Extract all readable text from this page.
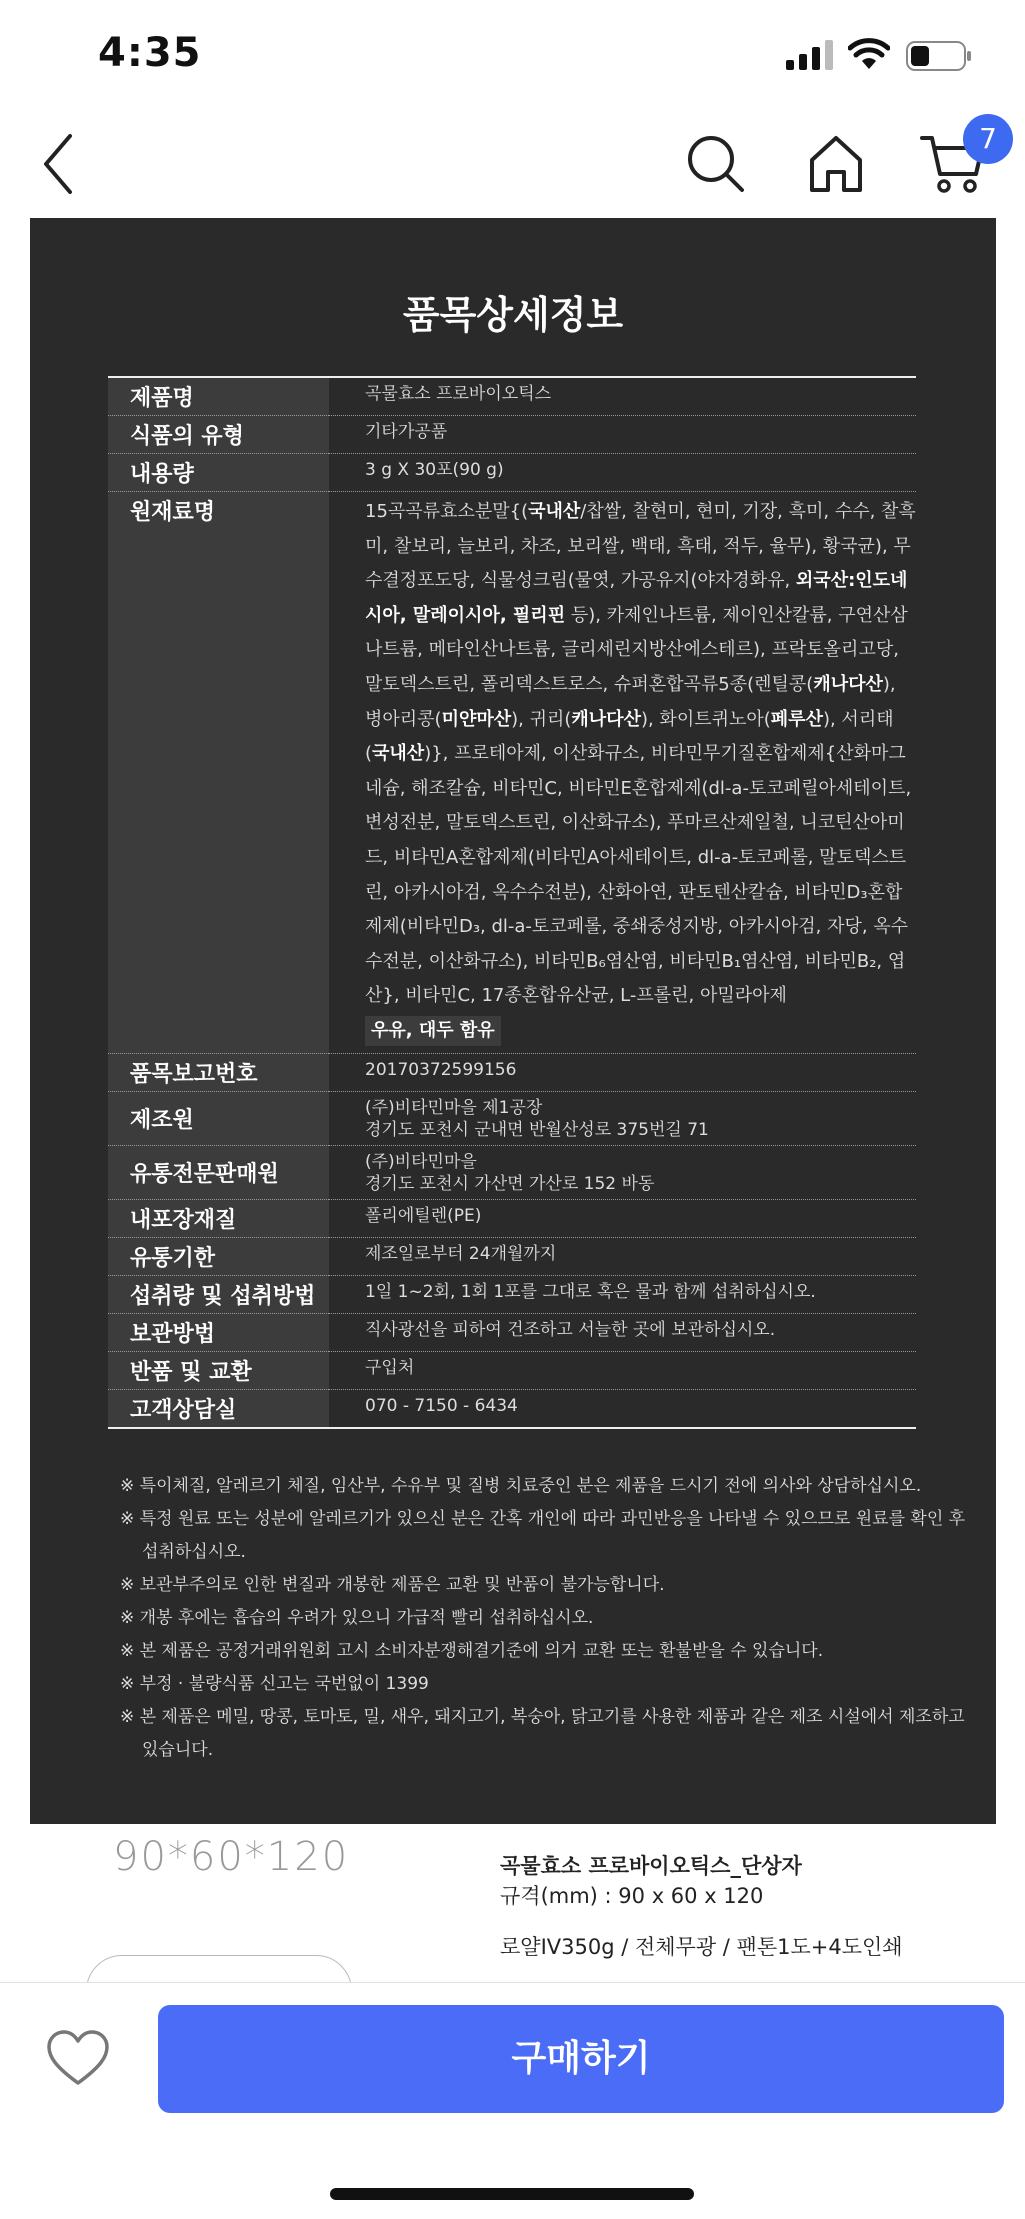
4:35
7
품목상세정보
제품명	곡물효소 프로바이오틱스
식품의 유형	기타가공품
내용량	3 g X 30포(90 g)
원재료명	15곡곡류효소분말{(국내산/찹쌀, 찰현미, 현미, 기장, 흑미, 수수, 찰흑미, 찰보리, 늘보리, 차조, 보리쌀, 백태, 흑태, 적두, 율무), 황국균), 무수결정포도당, 식물성크림(물엿, 가공유지(야자경화유, 외국산:인도네시아, 말레이시아, 필리핀 등), 카제인나트륨, 제이인산칼륨, 구연산삼나트륨, 메타인산나트륨, 글리세린지방산에스테르), 프락토올리고당, 말토덱스트린, 폴리덱스트로스, 슈퍼혼합곡류5종(렌틸콩(캐나다산), 병아리콩(미얀마산), 귀리(캐나다산), 화이트퀴노아(페루산), 서리태(국내산)}, 프로테아제, 이산화규소, 비타민무기질혼합제제{산화마그네슘, 해조칼슘, 비타민C, 비타민E혼합제제(dl-a-토코페릴아세테이트, 변성전분, 말토덱스트린, 이산화규소), 푸마르산제일철, 니코틴산아미드, 비타민A혼합제제(비타민A아세테이트, dl-a-토코페롤, 말토덱스트린, 아카시아검, 옥수수전분), 산화아연, 판토텐산칼슘, 비타민D₃혼합제제(비타민D₃, dl-a-토코페롤, 중쇄중성지방, 아카시아검, 자당, 옥수수전분, 이산화규소), 비타민B₆염산염, 비타민B₁염산염, 비타민B₂, 엽산}, 비타민C, 17종혼합유산균, L-프롤린, 아밀라아제
우유, 대두 함유
품목보고번호	20170372599156
제조원	(주)비타민마을 제1공장
경기도 포천시 군내면 반월산성로 375번길 71

유통전문판매원	(주)비타민마을
경기도 포천시 가산면 가산로 152 바동

내포장재질	폴리에틸렌(PE)
유통기한	제조일로부터 24개월까지
섭취량 및 섭취방법	1일 1~2회, 1회 1포를 그대로 혹은 물과 함께 섭취하십시오.
보관방법	직사광선을 피하여 건조하고 서늘한 곳에 보관하십시오.
반품 및 교환	구입처
고객상담실	070 - 7150 - 6434
※ 특이체질, 알레르기 체질, 임산부, 수유부 및 질병 치료중인 분은 제품을 드시기 전에 의사와 상담하십시오.
※ 특정 원료 또는 성분에 알레르기가 있으신 분은 간혹 개인에 따라 과민반응을 나타낼 수 있으므로 원료를 확인 후 섭취하십시오.
※ 보관부주의로 인한 변질과 개봉한 제품은 교환 및 반품이 불가능합니다.
※ 개봉 후에는 흡습의 우려가 있으니 가급적 빨리 섭취하십시오.
※ 본 제품은 공정거래위원회 고시 소비자분쟁해결기준에 의거 교환 또는 환불받을 수 있습니다.
※ 부정 · 불량식품 신고는 국번없이 1399
※ 본 제품은 메밀, 땅콩, 토마토, 밀, 새우, 돼지고기, 복숭아, 닭고기를 사용한 제품과 같은 제조 시설에서 제조하고 있습니다.
90*60*120	곡물효소 프로바이오틱스_단상자
규격(mm) : 90 x 60 x 120
로얄IV350g / 전체무광 / 팬톤1도+4도인쇄
구매하기
